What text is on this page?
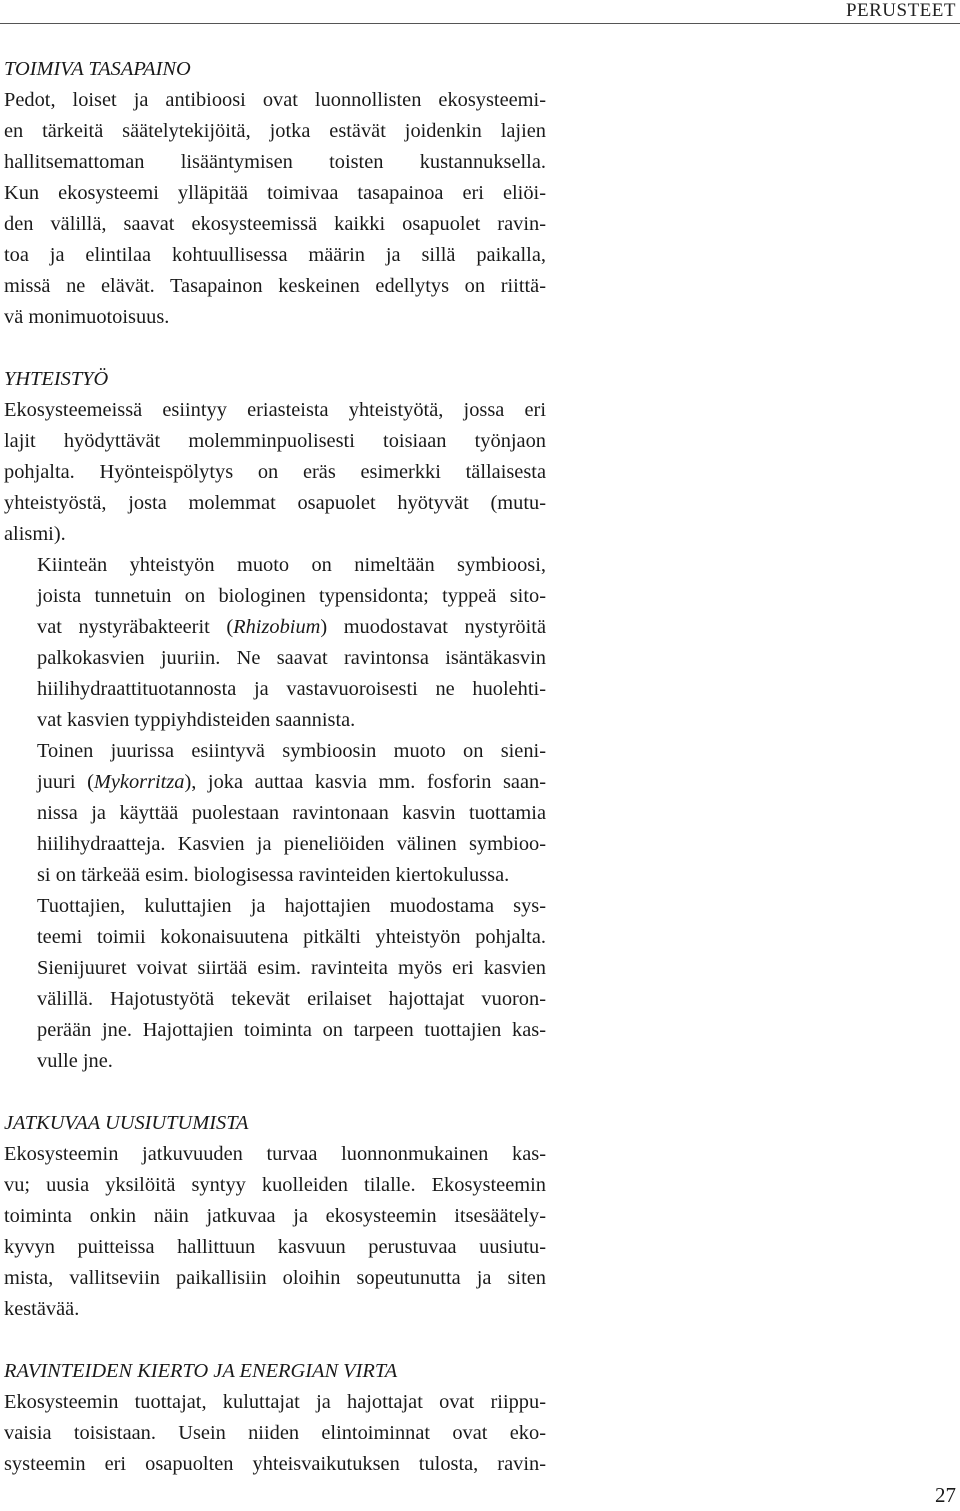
PERUSTEET
TOIMIVA TASAPAINO
Pedot, loiset ja antibioosi ovat luonnollisten ekosysteemi-
en tärkeitä säätelytekijöitä, jotka estävät joidenkin lajien
hallitsemattoman lisääntymisen toisten kustannuksella.
Kun ekosysteemi ylläpitää toimivaa tasapainoa eri eliöi-
den välillä, saavat ekosysteemissä kaikki osapuolet ravin-
toa ja elintilaa kohtuullisessa määrin ja sillä paikalla,
missä ne elävät. Tasapainon keskeinen edellytys on riittä-
vä monimuotoisuus.
YHTEISTYÖ
Ekosysteemeissä esiintyy eriasteista yhteistyötä, jossa eri
lajit hyödyttävät molemminpuolisesti toisiaan työnjaon
pohjalta. Hyönteispölytys on eräs esimerkki tällaisesta
yhteistyöstä, josta molemmat osapuolet hyötyvät (mutu-
alismi).
Kiinteän yhteistyön muoto on nimeltään symbioosi,
joista tunnetuin on biologinen typensidonta; typpeä sito-
vat nystyräbakteerit (Rhizobium) muodostavat nystyröitä
palkokasvien juuriin. Ne saavat ravintonsa isäntäkasvin
hiilihydraattituotannosta ja vastavuoroisesti ne huolehti-
vat kasvien typpiyhdisteiden saannista.
Toinen juurissa esiintyvä symbioosin muoto on sieni-
juuri (Mykorritza), joka auttaa kasvia mm. fosforin saan-
nissa ja käyttää puolestaan ravintonaan kasvin tuottamia
hiilihydraatteja. Kasvien ja pieneliöiden välinen symbioo-
si on tärkeää esim. biologisessa ravinteiden kiertokulussa.
Tuottajien, kuluttajien ja hajottajien muodostama sys-
teemi toimii kokonaisuutena pitkälti yhteistyön pohjalta.
Sienijuuret voivat siirtää esim. ravinteita myös eri kasvien
välillä. Hajotustyötä tekevät erilaiset hajottajat vuoron-
perään jne. Hajottajien toiminta on tarpeen tuottajien kas-
vulle jne.
JATKUVAA UUSIUTUMISTA
Ekosysteemin jatkuvuuden turvaa luonnonmukainen kas-
vu; uusia yksilöitä syntyy kuolleiden tilalle. Ekosysteemin
toiminta onkin näin jatkuvaa ja ekosysteemin itsesäätely-
kyvyn puitteissa hallittuun kasvuun perustuvaa uusiutu-
mista, vallitseviin paikallisiin oloihin sopeutunutta ja siten
kestävää.
RAVINTEIDEN KIERTO JA ENERGIAN VIRTA
Ekosysteemin tuottajat, kuluttajat ja hajottajat ovat riippu-
vaisia toisistaan. Usein niiden elintoiminnat ovat eko-
systeemin eri osapuolten yhteisvaikutuksen tulosta, ravin-
27
